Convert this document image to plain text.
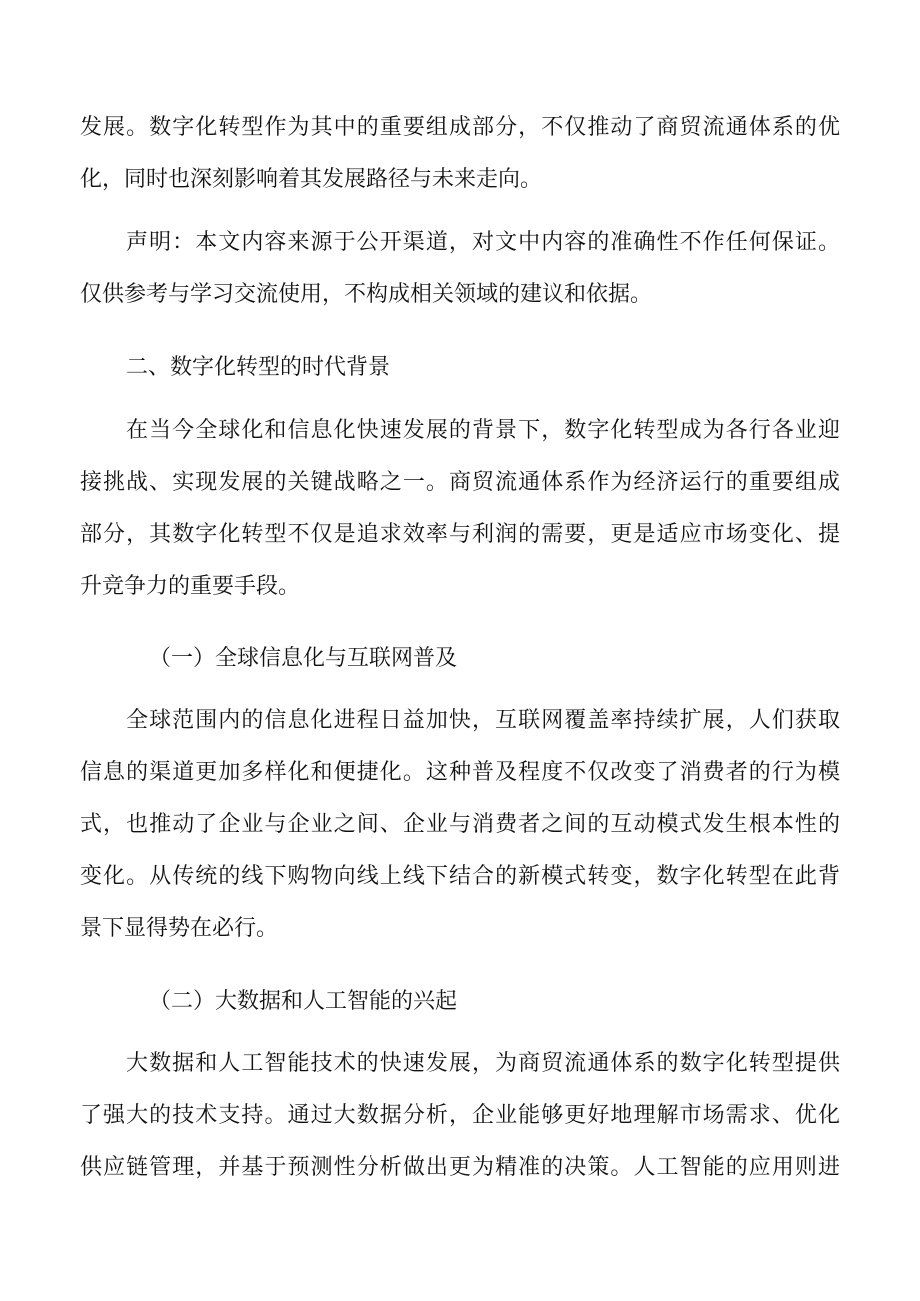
发展。数字化转型作为其中的重要组成部分，不仅推动了商贸流通体系的优
化，同时也深刻影响着其发展路径与未来走向。
声明：本文内容来源于公开渠道，对文中内容的准确性不作任何保证。
仅供参考与学习交流使用，不构成相关领域的建议和依据。
二、数字化转型的时代背景
在当今全球化和信息化快速发展的背景下，数字化转型成为各行各业迎
接挑战、实现发展的关键战略之一。商贸流通体系作为经济运行的重要组成
部分，其数字化转型不仅是追求效率与利润的需要，更是适应市场变化、提
升竞争力的重要手段。
（一）全球信息化与互联网普及
全球范围内的信息化进程日益加快，互联网覆盖率持续扩展，人们获取
信息的渠道更加多样化和便捷化。这种普及程度不仅改变了消费者的行为模
式，也推动了企业与企业之间、企业与消费者之间的互动模式发生根本性的
变化。从传统的线下购物向线上线下结合的新模式转变，数字化转型在此背
景下显得势在必行。
（二）大数据和人工智能的兴起
大数据和人工智能技术的快速发展，为商贸流通体系的数字化转型提供
了强大的技术支持。通过大数据分析，企业能够更好地理解市场需求、优化
供应链管理，并基于预测性分析做出更为精准的决策。人工智能的应用则进
